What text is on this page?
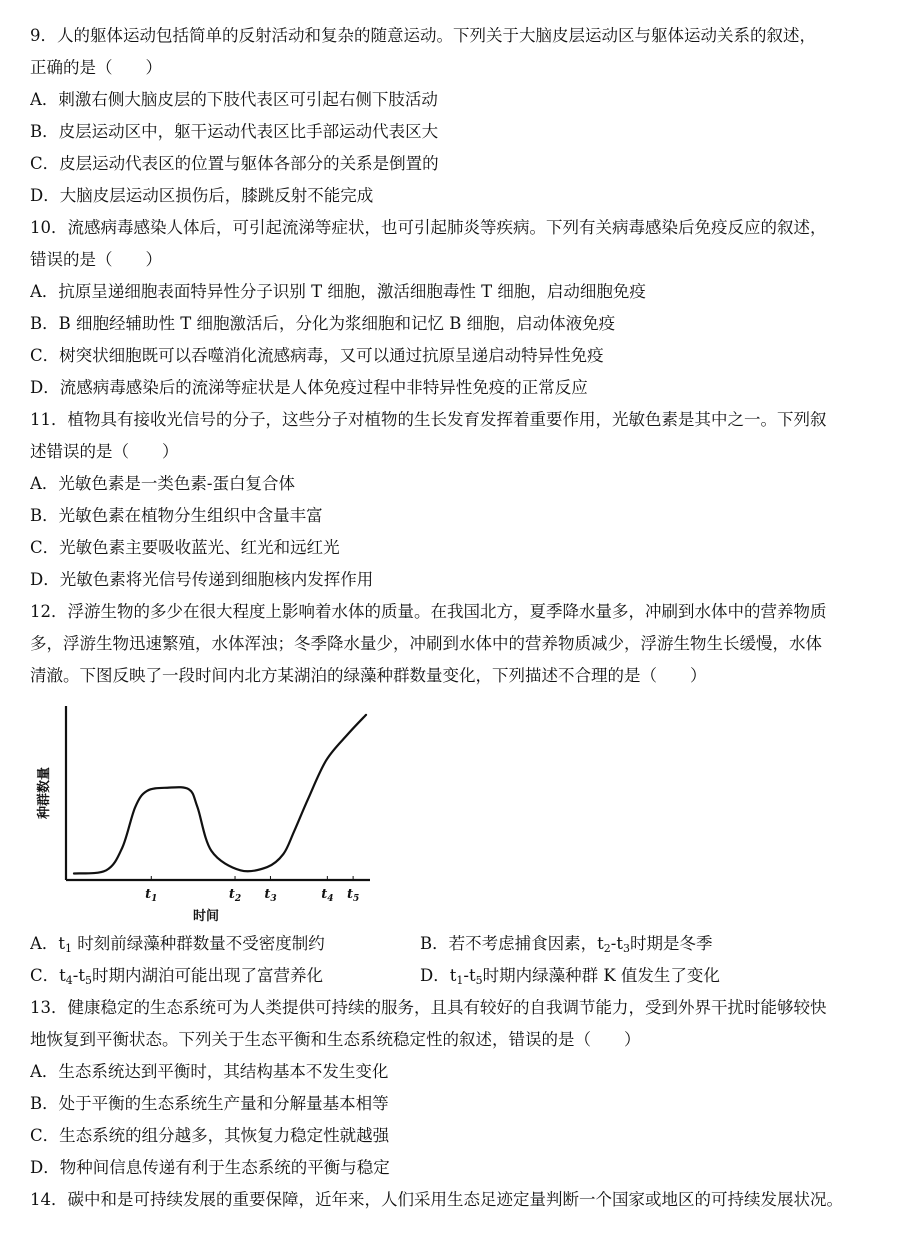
9．人的躯体运动包括简单的反射活动和复杂的随意运动。下列关于大脑皮层运动区与躯体运动关系的叙述，
正确的是（　　）
A．刺激右侧大脑皮层的下肢代表区可引起右侧下肢活动
B．皮层运动区中，躯干运动代表区比手部运动代表区大
C．皮层运动代表区的位置与躯体各部分的关系是倒置的
D．大脑皮层运动区损伤后，膝跳反射不能完成
10．流感病毒感染人体后，可引起流涕等症状，也可引起肺炎等疾病。下列有关病毒感染后免疫反应的叙述，
错误的是（　　）
A．抗原呈递细胞表面特异性分子识别 T 细胞，激活细胞毒性 T 细胞，启动细胞免疫
B．B 细胞经辅助性 T 细胞激活后，分化为浆细胞和记忆 B 细胞，启动体液免疫
C．树突状细胞既可以吞噬消化流感病毒，又可以通过抗原呈递启动特异性免疫
D．流感病毒感染后的流涕等症状是人体免疫过程中非特异性免疫的正常反应
11．植物具有接收光信号的分子，这些分子对植物的生长发育发挥着重要作用，光敏色素是其中之一。下列叙
述错误的是（　　）
A．光敏色素是一类色素-蛋白复合体
B．光敏色素在植物分生组织中含量丰富
C．光敏色素主要吸收蓝光、红光和远红光
D．光敏色素将光信号传递到细胞核内发挥作用
12．浮游生物的多少在很大程度上影响着水体的质量。在我国北方，夏季降水量多，冲刷到水体中的营养物质
多，浮游生物迅速繁殖，水体浑浊；冬季降水量少，冲刷到水体中的营养物质减少，浮游生物生长缓慢，水体
清澈。下图反映了一段时间内北方某湖泊的绿藻种群数量变化，下列描述不合理的是（　　）
种群数量
时间
$t_1$	$t_2$ $t_3$	$t_4$ $t_5$
A．$t_1$ 时刻前绿藻种群数量不受密度制约	B．若不考虑捕食因素，$t_2-t_3$时期是冬季
C．$t_4-t_5$时期内湖泊可能出现了富营养化	D．$t_1-t_5$时期内绿藻种群 K 值发生了变化
13．健康稳定的生态系统可为人类提供可持续的服务，且具有较好的自我调节能力，受到外界干扰时能够较快
地恢复到平衡状态。下列关于生态平衡和生态系统稳定性的叙述，错误的是（　　）
A．生态系统达到平衡时，其结构基本不发生变化
B．处于平衡的生态系统生产量和分解量基本相等
C．生态系统的组分越多，其恢复力稳定性就越强
D．物种间信息传递有利于生态系统的平衡与稳定
14．碳中和是可持续发展的重要保障，近年来，人们采用生态足迹定量判断一个国家或地区的可持续发展状况。
